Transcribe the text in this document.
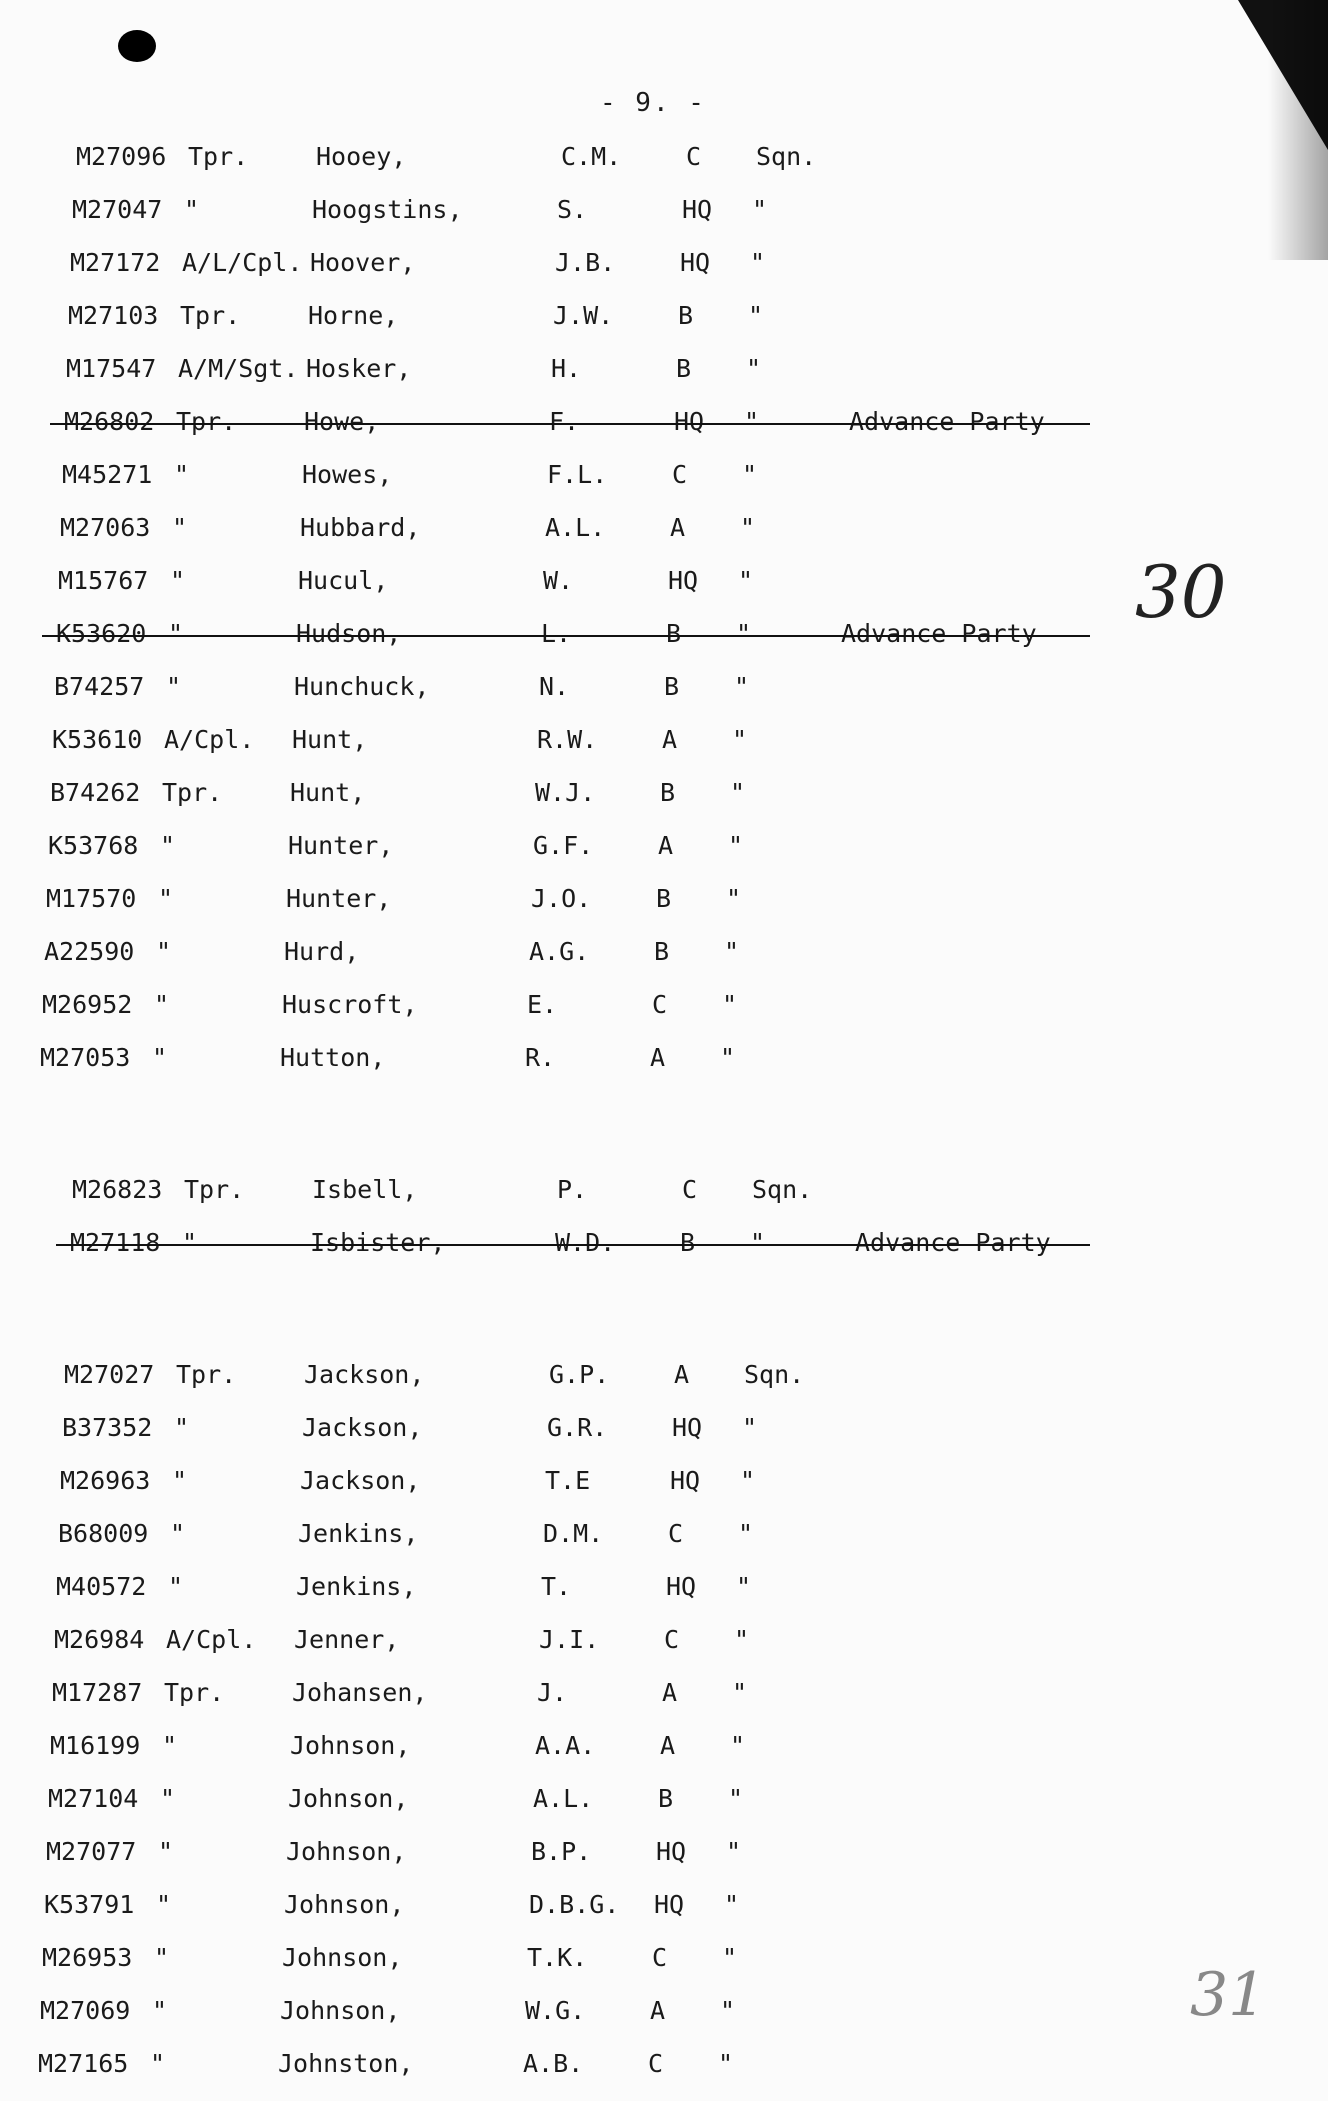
- 9. -
30
31
M27096 Tpr.	Hooey,	C.M.	C Sqn.
M27047 "	Hoogstins,	S.	HQ "
M27172 A/L/Cpl. Hoover,	J.B.	HQ "
M27103 Tpr.	Horne,	J.W.	B "
M17547 A/M/Sgt. Hosker,	H.	B "
M26802 Tpr.	Howe,	F.	HQ "	Advance Party
M45271 "	Howes,	F.L.	C "
M27063 "	Hubbard,	A.L.	A "
M15767 "	Hucul,	W.	HQ "
K53620 "	Hudson,	L.	B "	Advance Party
B74257 "	Hunchuck,	N.	B "
K53610 A/Cpl. Hunt,	R.W.	A "
B74262 Tpr.	Hunt,	W.J.	B "
K53768 "	Hunter,	G.F.	A "
M17570 "	Hunter,	J.O.	B "
A22590 "	Hurd,	A.G.	B "
M26952 "	Huscroft,	E.	C "
M27053 "	Hutton,	R.	A "
M26823 Tpr.	Isbell,	P.	C Sqn.
M27118 "	Isbister,	W.D.	B "	Advance Party
M27027 Tpr.	Jackson,	G.P.	A Sqn.
B37352 "	Jackson,	G.R.	HQ "
M26963 "	Jackson,	T.E	HQ "
B68009 "	Jenkins,	D.M.	C "
M40572 "	Jenkins,	T.	HQ "
M26984 A/Cpl. Jenner,	J.I.	C "
M17287 Tpr.	Johansen,	J.	A "
M16199 "	Johnson,	A.A.	A "
M27104 "	Johnson,	A.L.	B "
M27077 "	Johnson,	B.P.	HQ "
K53791 "	Johnson,	D.B.G. HQ "
M26953 "	Johnson,	T.K.	C "
M27069 "	Johnson,	W.G.	A "
M27165 "	Johnston,	A.B.	C "
